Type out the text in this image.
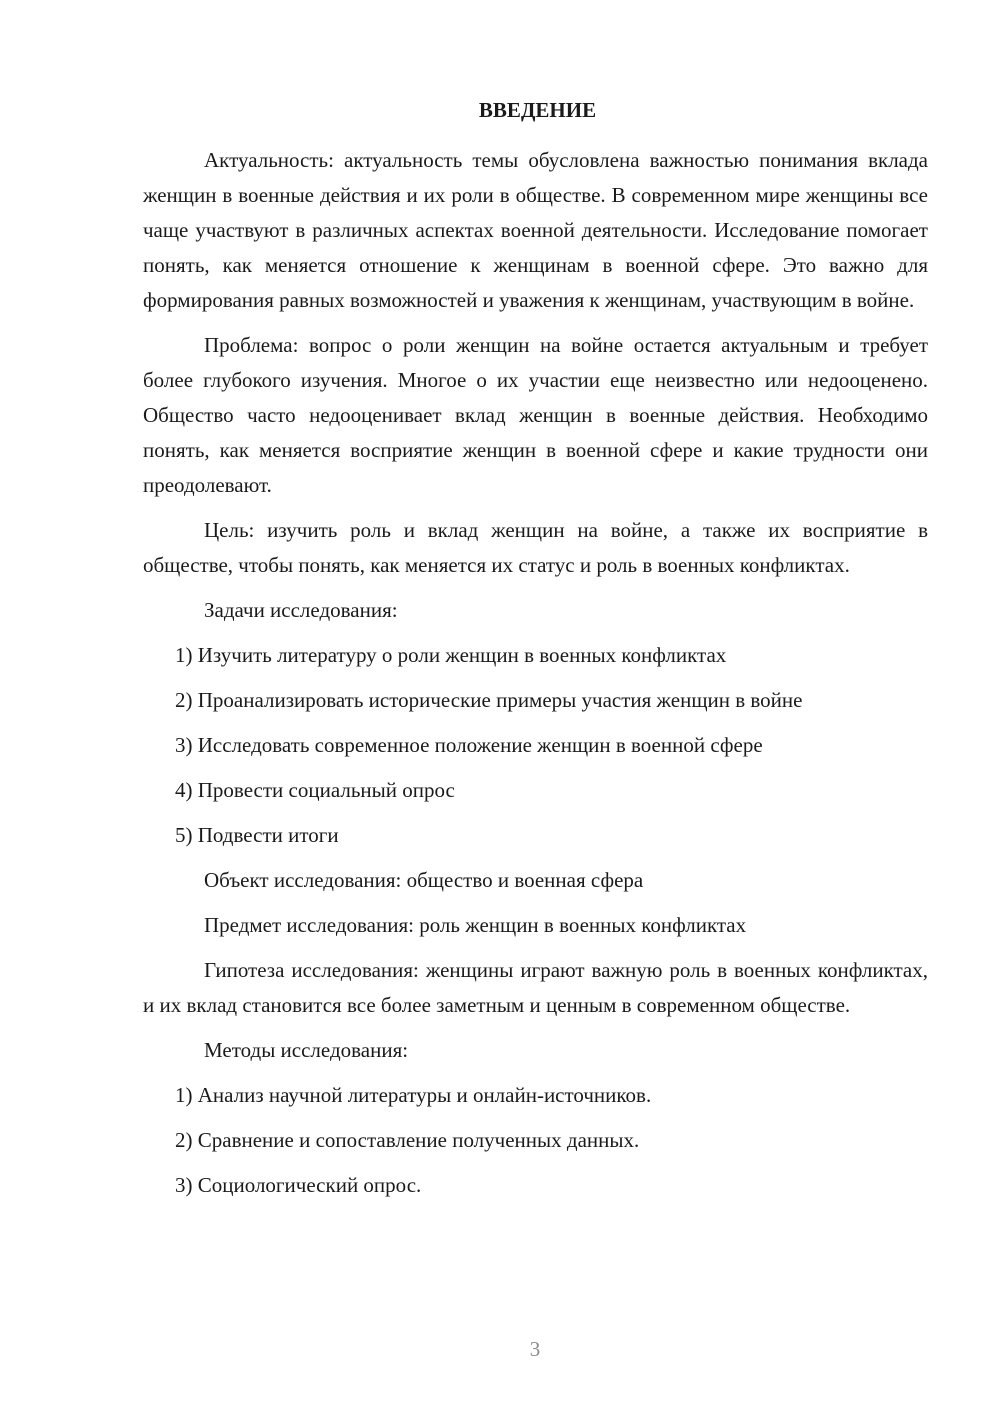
ВВЕДЕНИЕ

Актуальность: актуальность темы обусловлена важностью понимания вклада женщин в военные действия и их роли в обществе. В современном мире женщины все чаще участвуют в различных аспектах военной деятельности. Исследование помогает понять, как меняется отношение к женщинам в военной сфере. Это важно для формирования равных возможностей и уважения к женщинам, участвующим в войне.

Проблема: вопрос о роли женщин на войне остается актуальным и требует более глубокого изучения. Многое о их участии еще неизвестно или недооценено. Общество часто недооценивает вклад женщин в военные действия. Необходимо понять, как меняется восприятие женщин в военной сфере и какие трудности они преодолевают.

Цель: изучить роль и вклад женщин на войне, а также их восприятие в обществе, чтобы понять, как меняется их статус и роль в военных конфликтах.

Задачи исследования:
1) Изучить литературу о роли женщин в военных конфликтах
2) Проанализировать исторические примеры участия женщин в войне
3) Исследовать современное положение женщин в военной сфере
4) Провести социальный опрос
5) Подвести итоги
Объект исследования: общество и военная сфера
Предмет исследования: роль женщин в военных конфликтах

Гипотеза исследования: женщины играют важную роль в военных конфликтах, и их вклад становится все более заметным и ценным в современном обществе.

Методы исследования:
1) Анализ научной литературы и онлайн-источников.
2) Сравнение и сопоставление полученных данных.
3) Социологический опрос.
3
